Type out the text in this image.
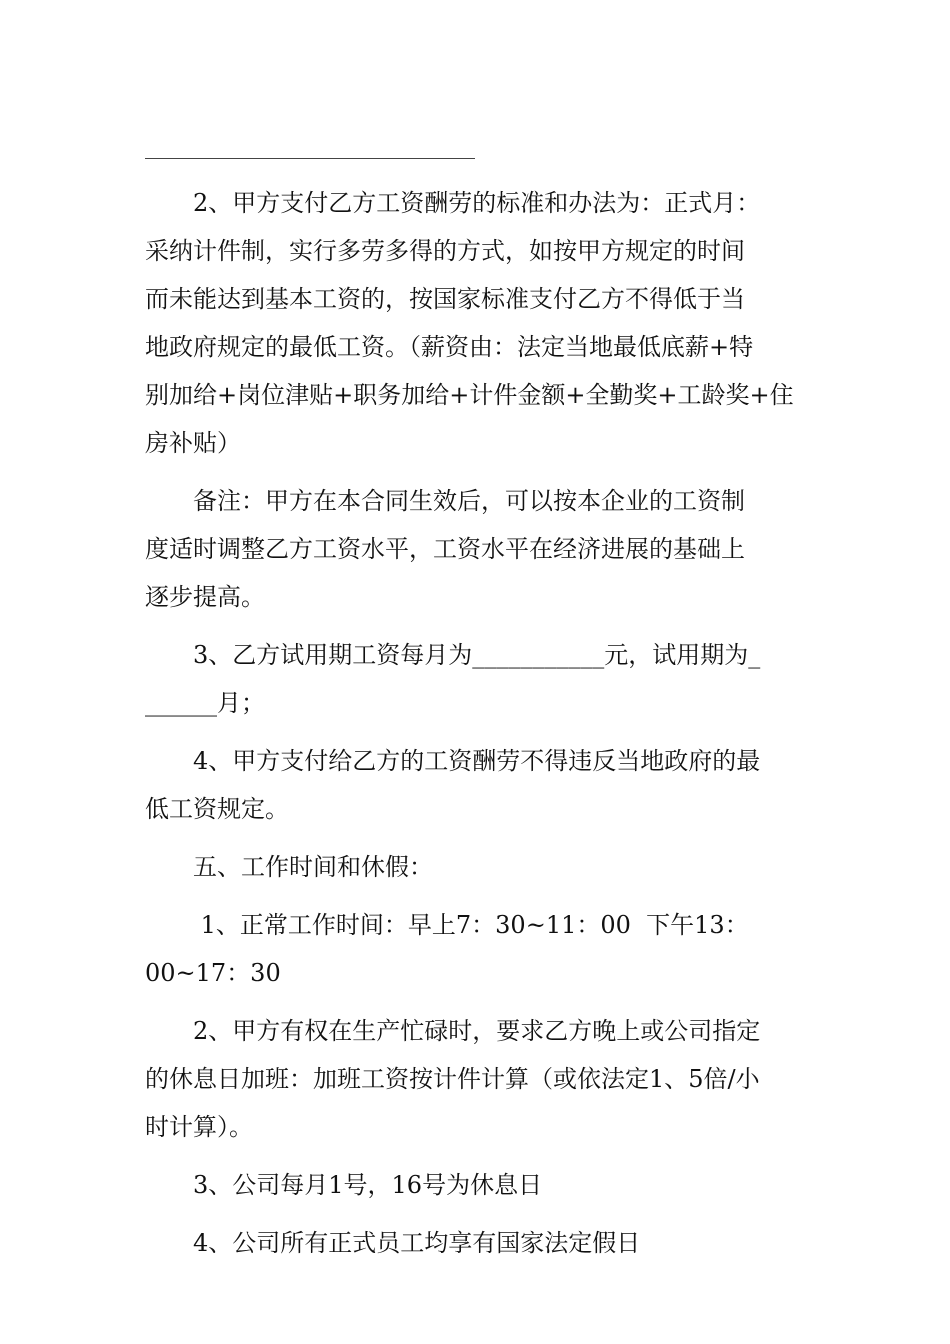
2、甲方支付乙方工资酬劳的标准和办法为：正式月：
采纳计件制，实行多劳多得的方式，如按甲方规定的时间
而未能达到基本工资的，按国家标准支付乙方不得低于当
地政府规定的最低工资。（薪资由：法定当地最低底薪+特
别加给+岗位津贴+职务加给+计件金额+全勤奖+工龄奖+住
房补贴）
备注：甲方在本合同生效后，可以按本企业的工资制
度适时调整乙方工资水平，工资水平在经济进展的基础上
逐步提高。
3、乙方试用期工资每月为___________元，试用期为_
______月；
4、甲方支付给乙方的工资酬劳不得违反当地政府的最
低工资规定。
五、工作时间和休假：
1、正常工作时间：早上7：30~11：00  下午13：
00~17：30
2、甲方有权在生产忙碌时，要求乙方晚上或公司指定
的休息日加班：加班工资按计件计算（或依法定1、5倍/小
时计算）。
3、公司每月1号，16号为休息日
4、公司所有正式员工均享有国家法定假日
